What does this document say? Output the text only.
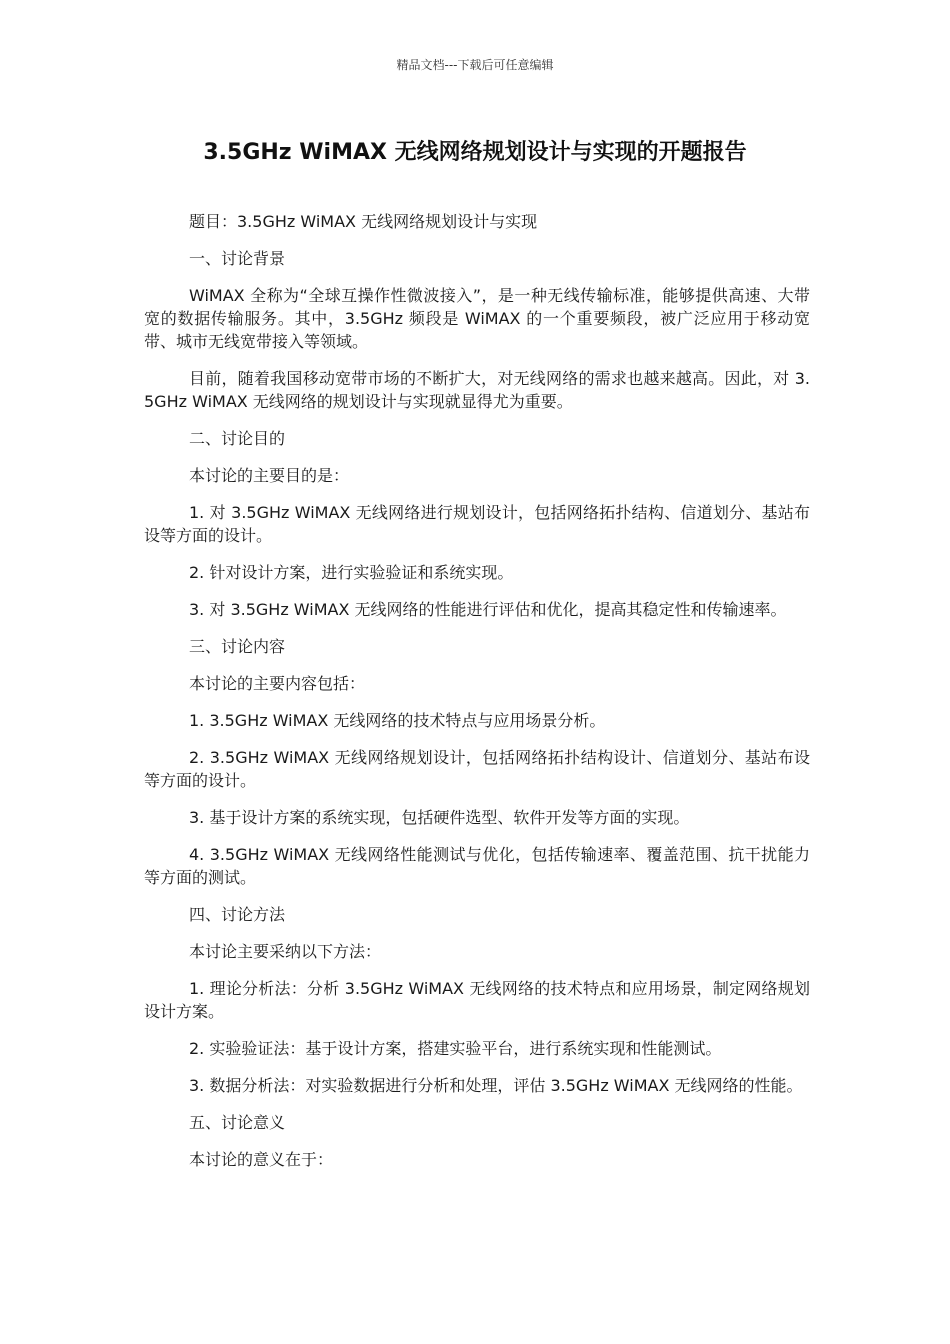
精品文档---下载后可任意编辑
3.5GHz WiMAX 无线网络规划设计与实现的开题报告

题目：3.5GHz WiMAX 无线网络规划设计与实现

一、讨论背景

WiMAX 全称为“全球互操作性微波接入”，是一种无线传输标准，能够提供高速、大带宽的数据传输服务。其中，3.5GHz 频段是 WiMAX 的一个重要频段，被广泛应用于移动宽带、城市无线宽带接入等领域。

目前，随着我国移动宽带市场的不断扩大，对无线网络的需求也越来越高。因此，对 3.5GHz WiMAX 无线网络的规划设计与实现就显得尤为重要。

二、讨论目的

本讨论的主要目的是：

1. 对 3.5GHz WiMAX 无线网络进行规划设计，包括网络拓扑结构、信道划分、基站布设等方面的设计。

2. 针对设计方案，进行实验验证和系统实现。

3. 对 3.5GHz WiMAX 无线网络的性能进行评估和优化，提高其稳定性和传输速率。

三、讨论内容

本讨论的主要内容包括：

1. 3.5GHz WiMAX 无线网络的技术特点与应用场景分析。

2. 3.5GHz WiMAX 无线网络规划设计，包括网络拓扑结构设计、信道划分、基站布设等方面的设计。

3. 基于设计方案的系统实现，包括硬件选型、软件开发等方面的实现。

4. 3.5GHz WiMAX 无线网络性能测试与优化，包括传输速率、覆盖范围、抗干扰能力等方面的测试。

四、讨论方法

本讨论主要采纳以下方法：

1. 理论分析法：分析 3.5GHz WiMAX 无线网络的技术特点和应用场景，制定网络规划设计方案。

2. 实验验证法：基于设计方案，搭建实验平台，进行系统实现和性能测试。

3. 数据分析法：对实验数据进行分析和处理，评估 3.5GHz WiMAX 无线网络的性能。

五、讨论意义

本讨论的意义在于：
